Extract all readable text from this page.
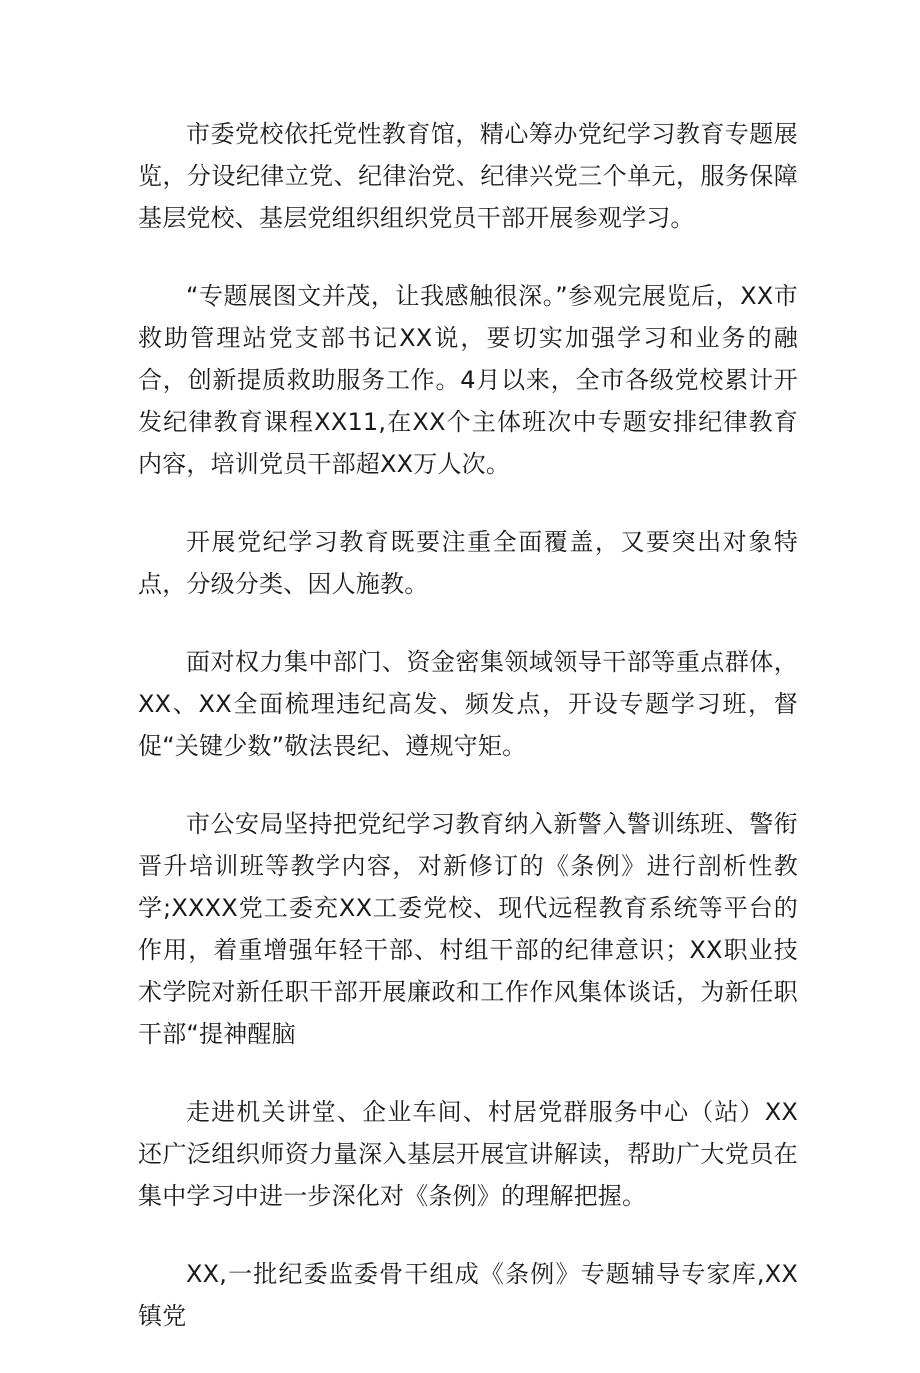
市委党校依托党性教育馆，精心筹办党纪学习教育专题展览，分设纪律立党、纪律治党、纪律兴党三个单元，服务保障基层党校、基层党组织组织党员干部开展参观学习。

“专题展图文并茂，让我感触很深。”参观完展览后，XX市救助管理站党支部书记XX说，要切实加强学习和业务的融合，创新提质救助服务工作。4月以来，全市各级党校累计开发纪律教育课程XX11,在XX个主体班次中专题安排纪律教育内容，培训党员干部超XX万人次。

开展党纪学习教育既要注重全面覆盖，又要突出对象特点，分级分类、因人施教。

面对权力集中部门、资金密集领域领导干部等重点群体，XX、XX全面梳理违纪高发、频发点，开设专题学习班，督促“关键少数”敬法畏纪、遵规守矩。

市公安局坚持把党纪学习教育纳入新警入警训练班、警衔晋升培训班等教学内容，对新修订的《条例》进行剖析性教学;XXXX党工委充XX工委党校、现代远程教育系统等平台的作用，着重增强年轻干部、村组干部的纪律意识；XX职业技术学院对新任职干部开展廉政和工作作风集体谈话，为新任职干部“提神醒脑

走进机关讲堂、企业车间、村居党群服务中心（站）XX还广泛组织师资力量深入基层开展宣讲解读，帮助广大党员在集中学习中进一步深化对《条例》的理解把握。

XX,一批纪委监委骨干组成《条例》专题辅导专家库,XX镇党
